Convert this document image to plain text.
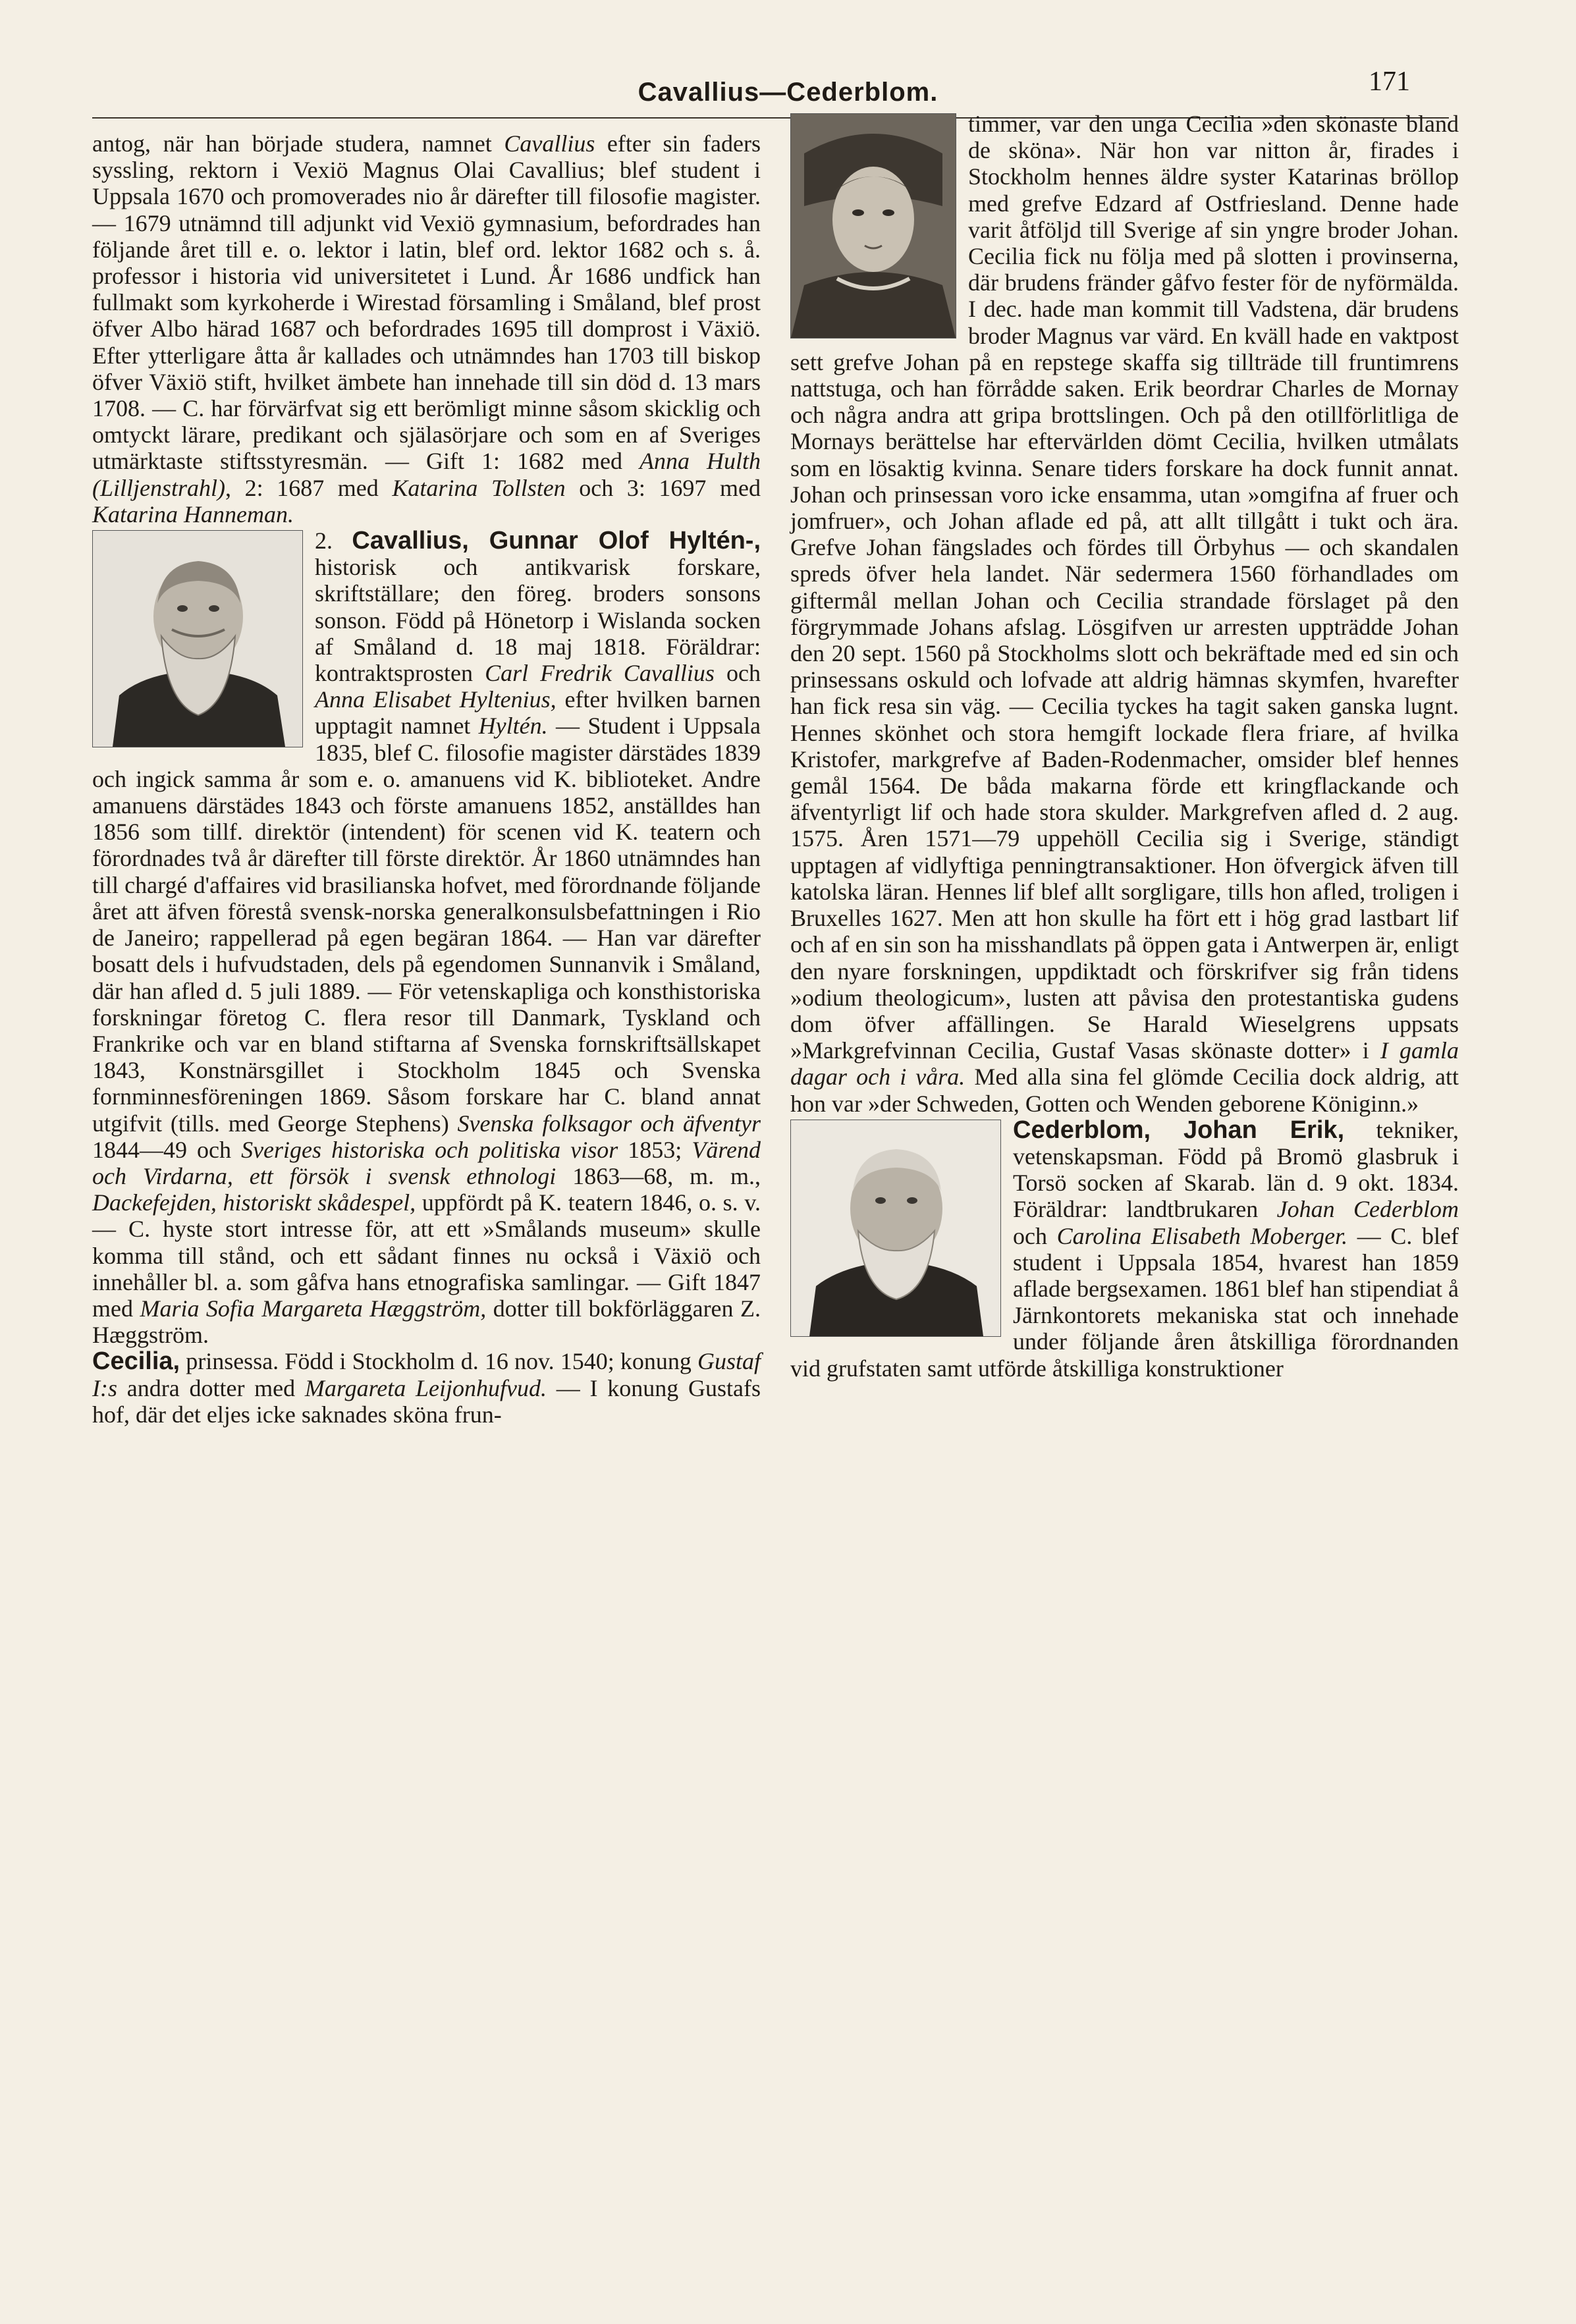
Cavallius—Cederblom.	171

antog, när han började studera, namnet Cavallius efter sin faders syssling, rektorn i Vexiö Magnus Olai Cavallius; blef student i Uppsala 1670 och promoverades nio år därefter till filosofie magister. — 1679 utnämnd till adjunkt vid Vexiö gymnasium, befordrades han följande året till e. o. lektor i latin, blef ord. lektor 1682 och s. å. professor i historia vid universitetet i Lund. År 1686 undfick han fullmakt som kyrkoherde i Wirestad församling i Småland, blef prost öfver Albo härad 1687 och befordrades 1695 till domprost i Växiö. Efter ytterligare åtta år kallades och utnämndes han 1703 till biskop öfver Växiö stift, hvilket ämbete han innehade till sin död d. 13 mars 1708. — C. har förvärfvat sig ett berömligt minne såsom skicklig och omtyckt lärare, predikant och själasörjare och som en af Sveriges utmärktaste stiftsstyresmän. — Gift 1: 1682 med Anna Hulth (Lilljenstrahl), 2: 1687 med Katarina Tollsten och 3: 1697 med Katarina Hanneman.

2. Cavallius, Gunnar Olof Hyltén-,
historisk och antikvarisk forskare, skriftställare; den föreg. broders sonsons sonson. Född på Hönetorp i Wislanda socken af Småland d. 18 maj 1818. Föräldrar: kontraktsprosten Carl Fredrik Cavallius och Anna Elisabet Hyltenius, efter hvilken barnen upptagit namnet Hyltén. — Student i Uppsala 1835, blef C. filosofie magister därstädes 1839 och ingick samma år som e. o. amanuens vid K. biblioteket. Andre amanuens därstädes 1843 och förste amanuens 1852, anställdes han 1856 som tillf. direktör (intendent) för scenen vid K. teatern och förordnades två år därefter till förste direktör. År 1860 utnämndes han till chargé d'affaires vid brasilianska hofvet, med förordnande följande året att äfven förestå svensk-norska generalkonsulsbefattningen i Rio de Janeiro; rappellerad på egen begäran 1864. — Han var därefter bosatt dels i hufvudstaden, dels på egendomen Sunnanvik i Småland, där han afled d. 5 juli 1889. — För vetenskapliga och konsthistoriska forskningar företog C. flera resor till Danmark, Tyskland och Frankrike och var en bland stiftarna af Svenska fornskriftsällskapet 1843, Konstnärsgillet i Stockholm 1845 och Svenska fornminnesföreningen 1869. Såsom forskare har C. bland annat utgifvit (tills. med George Stephens) Svenska folksagor och äfventyr 1844—49 och Sveriges historiska och politiska visor 1853; Värend och Virdarna, ett försök i svensk ethnologi 1863—68, m. m., Dackefejden, historiskt skådespel, uppfördt på K. teatern 1846, o. s. v. — C. hyste stort intresse för, att ett »Smålands museum» skulle komma till stånd, och ett sådant finnes nu också i Växiö och innehåller bl. a. som gåfva hans etnografiska samlingar. — Gift 1847 med Maria Sofia Margareta Hæggström, dotter till bokförläggaren Z. Hæggström.

Cecilia, prinsessa. Född i Stockholm d. 16 nov. 1540; konung Gustaf I:s andra dotter med Margareta Leijonhufvud. — I konung Gustafs hof, där det eljes icke saknades sköna frun-

timmer, var den unga Cecilia »den skönaste bland de sköna». När hon var nitton år, firades i Stockholm hennes äldre syster Katarinas bröllop med grefve Edzard af Ostfriesland. Denne hade varit åtföljd till Sverige af sin yngre broder Johan. Cecilia fick nu följa med på slotten i provinserna, där brudens fränder gåfvo fester för de nyförmälda. I dec. hade man kommit till Vadstena, där brudens broder Magnus var värd. En kväll hade en vaktpost sett grefve Johan på en repstege skaffa sig tillträde till fruntimrens nattstuga, och han förrådde saken. Erik beordrar Charles de Mornay och några andra att gripa brottslingen. Och på den otillförlitliga de Mornays berättelse har eftervärlden dömt Cecilia, hvilken utmålats som en lösaktig kvinna. Senare tiders forskare ha dock funnit annat. Johan och prinsessan voro icke ensamma, utan »omgifna af fruer och jomfruer», och Johan aflade ed på, att allt tillgått i tukt och ära. Grefve Johan fängslades och fördes till Örbyhus — och skandalen spreds öfver hela landet. När sedermera 1560 förhandlades om giftermål mellan Johan och Cecilia strandade förslaget på den förgrymmade Johans afslag. Lösgifven ur arresten uppträdde Johan den 20 sept. 1560 på Stockholms slott och bekräftade med ed sin och prinsessans oskuld och lofvade att aldrig hämnas skymfen, hvarefter han fick resa sin väg. — Cecilia tyckes ha tagit saken ganska lugnt. Hennes skönhet och stora hemgift lockade flera friare, af hvilka Kristofer, markgrefve af Baden-Rodenmacher, omsider blef hennes gemål 1564. De båda makarna förde ett kringflackande och äfventyrligt lif och hade stora skulder. Markgrefven afled d. 2 aug. 1575. Åren 1571—79 uppehöll Cecilia sig i Sverige, ständigt upptagen af vidlyftiga penningtransaktioner. Hon öfvergick äfven till katolska läran. Hennes lif blef allt sorgligare, tills hon afled, troligen i Bruxelles 1627. Men att hon skulle ha fört ett i hög grad lastbart lif och af en sin son ha misshandlats på öppen gata i Antwerpen är, enligt den nyare forskningen, uppdiktadt och förskrifver sig från tidens »odium theologicum», lusten att påvisa den protestantiska gudens dom öfver affällingen. Se Harald Wieselgrens uppsats »Markgrefvinnan Cecilia, Gustaf Vasas skönaste dotter» i I gamla dagar och i våra. Med alla sina fel glömde Cecilia dock aldrig, att hon var »der Schweden, Gotten och Wenden geborene Königinn.»

Cederblom, Johan Erik,
tekniker, vetenskapsman. Född på Bromö glasbruk i Torsö socken af Skarab. län d. 9 okt. 1834. Föräldrar: landtbrukaren Johan Cederblom och Carolina Elisabeth Moberger. — C. blef student i Uppsala 1854, hvarest han 1859 aflade bergsexamen. 1861 blef han stipendiat å Järnkontorets mekaniska stat och innehade under följande åren åtskilliga förordnanden vid grufstaten samt utförde åtskilliga konstruktioner
